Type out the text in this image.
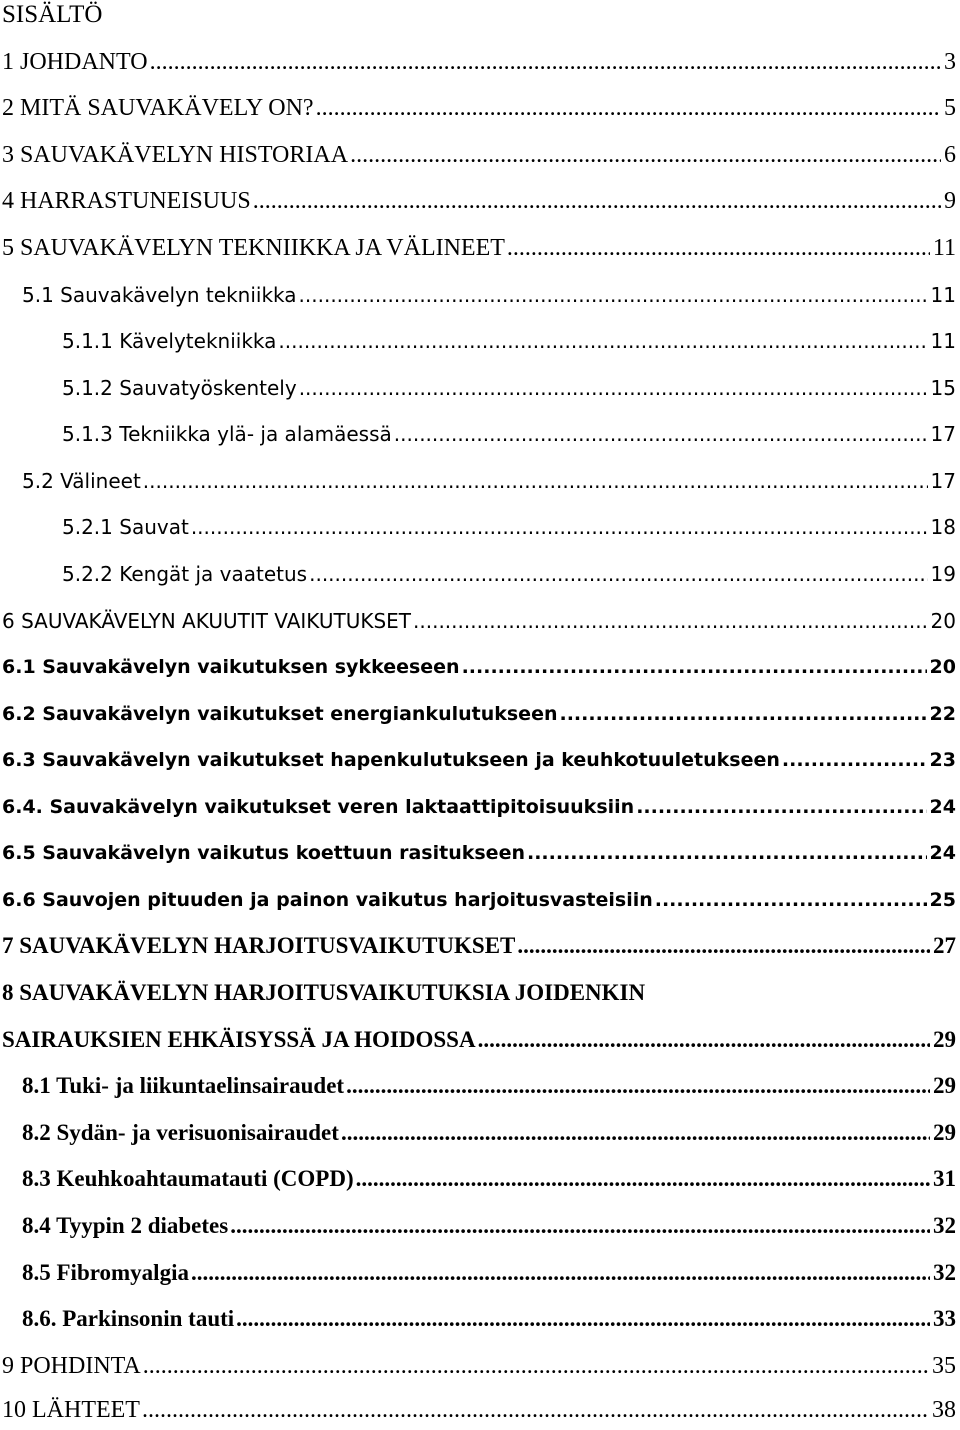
SISÄLTÖ
1 JOHDANTO .....	3
2 MITÄ SAUVAKÄVELY ON? .....	5
3 SAUVAKÄVELYN HISTORIAA .....	6
4 HARRASTUNEISUUS .....	9
5 SAUVAKÄVELYN TEKNIIKKA JA VÄLINEET .....	11
5.1 Sauvakävelyn tekniikka .....	11
5.1.1 Kävelytekniikka .....	11
5.1.2 Sauvatyöskentely .....	15
5.1.3 Tekniikka ylä- ja alamäessä .....	17
5.2 Välineet .....	17
5.2.1 Sauvat .....	18
5.2.2 Kengät ja vaatetus .....	19
6 SAUVAKÄVELYN AKUUTIT VAIKUTUKSET .....	20
6.1 Sauvakävelyn vaikutuksen sykkeeseen .....	20
6.2 Sauvakävelyn vaikutukset energiankulutukseen .....	22
6.3 Sauvakävelyn vaikutukset hapenkulutukseen ja keuhkotuuletukseen .....	23
6.4. Sauvakävelyn vaikutukset veren laktaattipitoisuuksiin .....	24
6.5 Sauvakävelyn vaikutus koettuun rasitukseen .....	24
6.6 Sauvojen pituuden ja painon vaikutus harjoitusvasteisiin .....	25
7 SAUVAKÄVELYN HARJOITUSVAIKUTUKSET .....	27
8 SAUVAKÄVELYN HARJOITUSVAIKUTUKSIA JOIDENKIN
SAIRAUKSIEN EHKÄISYSSÄ JA HOIDOSSA .....	29
8.1 Tuki- ja liikuntaelinsairaudet .....	29
8.2 Sydän- ja verisuonisairaudet .....	29
8.3 Keuhkoahtaumatauti (COPD) .....	31
8.4 Tyypin 2 diabetes .....	32
8.5 Fibromyalgia .....	32
8.6. Parkinsonin tauti .....	33
9 POHDINTA .....	35
10 LÄHTEET .....	38
